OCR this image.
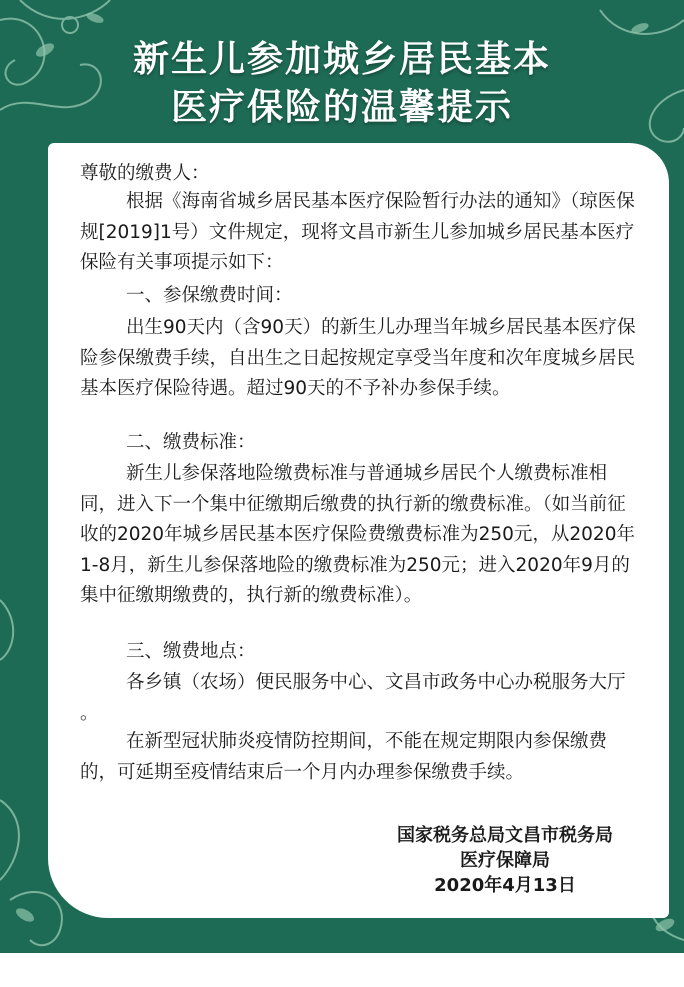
新生儿参加城乡居民基本
医疗保险的温馨提示

尊敬的缴费人：

根据《海南省城乡居民基本医疗保险暂行办法的通知》（琼医保规[2019]1号）文件规定，现将文昌市新生儿参加城乡居民基本医疗保险有关事项提示如下：

一、参保缴费时间：

出生90天内（含90天）的新生儿办理当年城乡居民基本医疗保险参保缴费手续，自出生之日起按规定享受当年度和次年度城乡居民基本医疗保险待遇。超过90天的不予补办参保手续。

二、缴费标准：

新生儿参保落地险缴费标准与普通城乡居民个人缴费标准相同，进入下一个集中征缴期后缴费的执行新的缴费标准。（如当前征收的2020年城乡居民基本医疗保险费缴费标准为250元，从2020年1-8月，新生儿参保落地险的缴费标准为250元；进入2020年9月的集中征缴期缴费的，执行新的缴费标准）。

三、缴费地点：

各乡镇（农场）便民服务中心、文昌市政务中心办税服务大厅 。

在新型冠状肺炎疫情防控期间，不能在规定期限内参保缴费的，可延期至疫情结束后一个月内办理参保缴费手续。

国家税务总局文昌市税务局

医疗保障局

2020年4月13日
